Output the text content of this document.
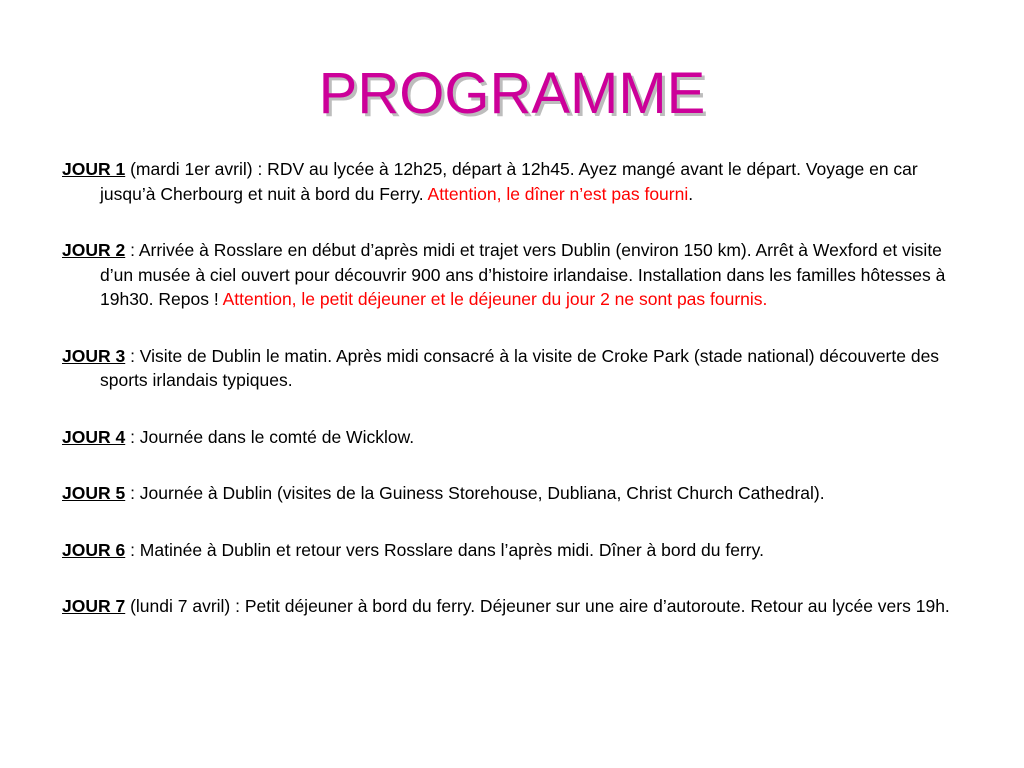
PROGRAMME

JOUR 1 (mardi 1er avril) : RDV au lycée à 12h25, départ à 12h45. Ayez mangé avant le départ. Voyage en car jusqu’à Cherbourg et nuit à bord du Ferry. Attention, le dîner n’est pas fourni.

JOUR 2 : Arrivée à Rosslare en début d’après midi et trajet vers Dublin (environ 150 km). Arrêt à Wexford et visite d’un musée à ciel ouvert pour découvrir 900 ans d’histoire irlandaise. Installation dans les familles hôtesses à 19h30. Repos ! Attention, le petit déjeuner et le déjeuner du jour 2 ne sont pas fournis.

JOUR 3 : Visite de Dublin le matin. Après midi consacré à la visite de Croke Park (stade national) découverte des sports irlandais typiques.

JOUR 4 : Journée dans le comté de Wicklow.

JOUR 5 : Journée à Dublin (visites de la Guiness Storehouse, Dubliana, Christ Church Cathedral).

JOUR 6 : Matinée à Dublin et retour vers Rosslare dans l’après midi. Dîner à bord du ferry.

JOUR 7 (lundi 7 avril) : Petit déjeuner à bord du ferry. Déjeuner sur une aire d’autoroute. Retour au lycée vers 19h.
